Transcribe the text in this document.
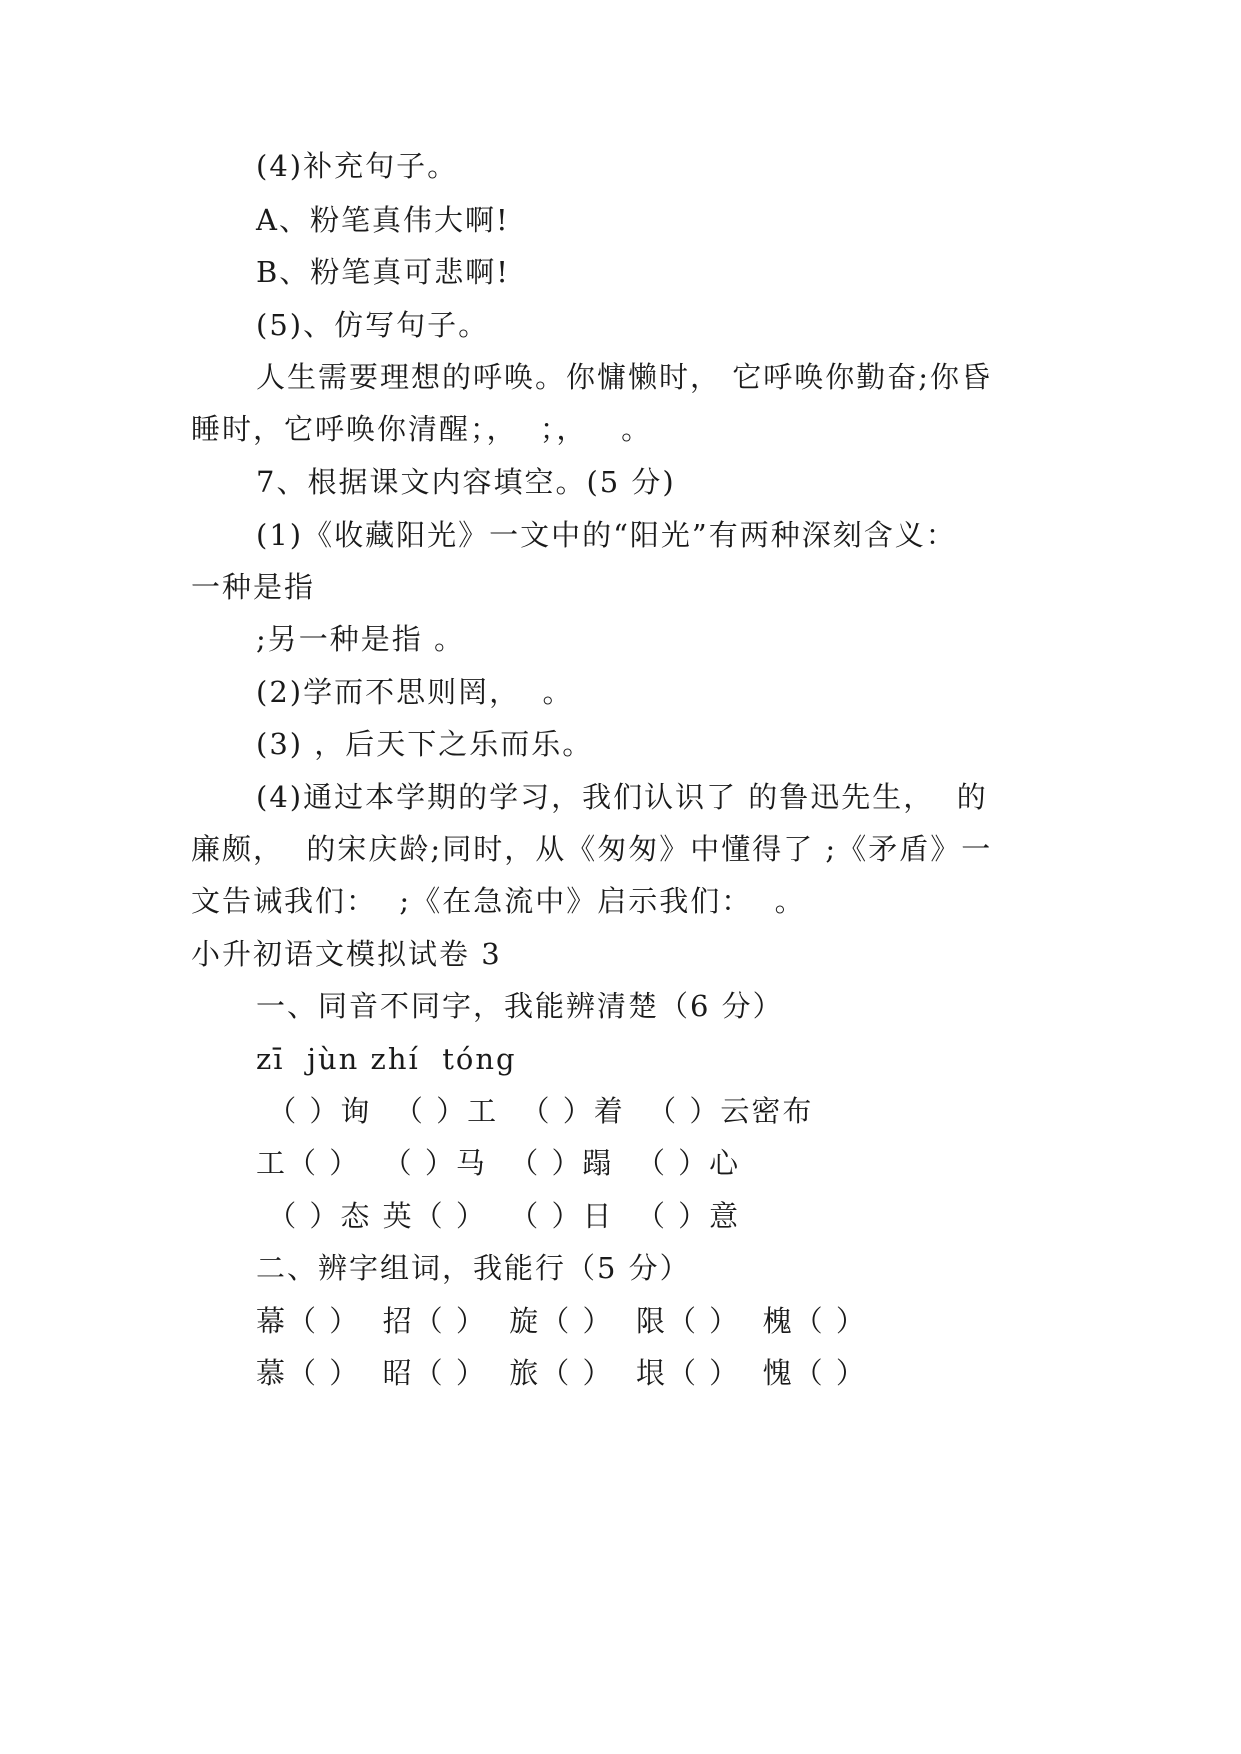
(4)补充句子。

A、粉笔真伟大啊!

B、粉笔真可悲啊!

(5)、仿写句子。

人生需要理想的呼唤。你慵懒时， 它呼唤你勤奋;你昏

睡时，它呼唤你清醒；，  ；，   。

7、根据课文内容填空。(5 分)

(1)《收藏阳光》一文中的“阳光”有两种深刻含义：

一种是指

;另一种是指 。

(2)学而不思则罔，  。

(3) ，后天下之乐而乐。

(4)通过本学期的学习，我们认识了 的鲁迅先生，  的

廉颇，  的宋庆龄;同时，从《匆匆》中懂得了 ;《矛盾》一

文告诫我们：  ;《在急流中》启示我们：  。

小升初语文模拟试卷 3

一、同音不同字，我能辨清楚（6 分）

zī  jùn zhí  tóng

（ ）询  （ ）工  （ ）着  （ ）云密布

工（ ）  （ ）马  （ ）蹋  （ ）心

（ ）态 英（ ）  （ ）日  （ ）意

二、辨字组词，我能行（5 分）

幕（ ）  招（ ）  旋（ ）  限（ ）  槐（ ）

慕（ ）  昭（ ）  旅（ ）  垠（ ）  愧（ ）
